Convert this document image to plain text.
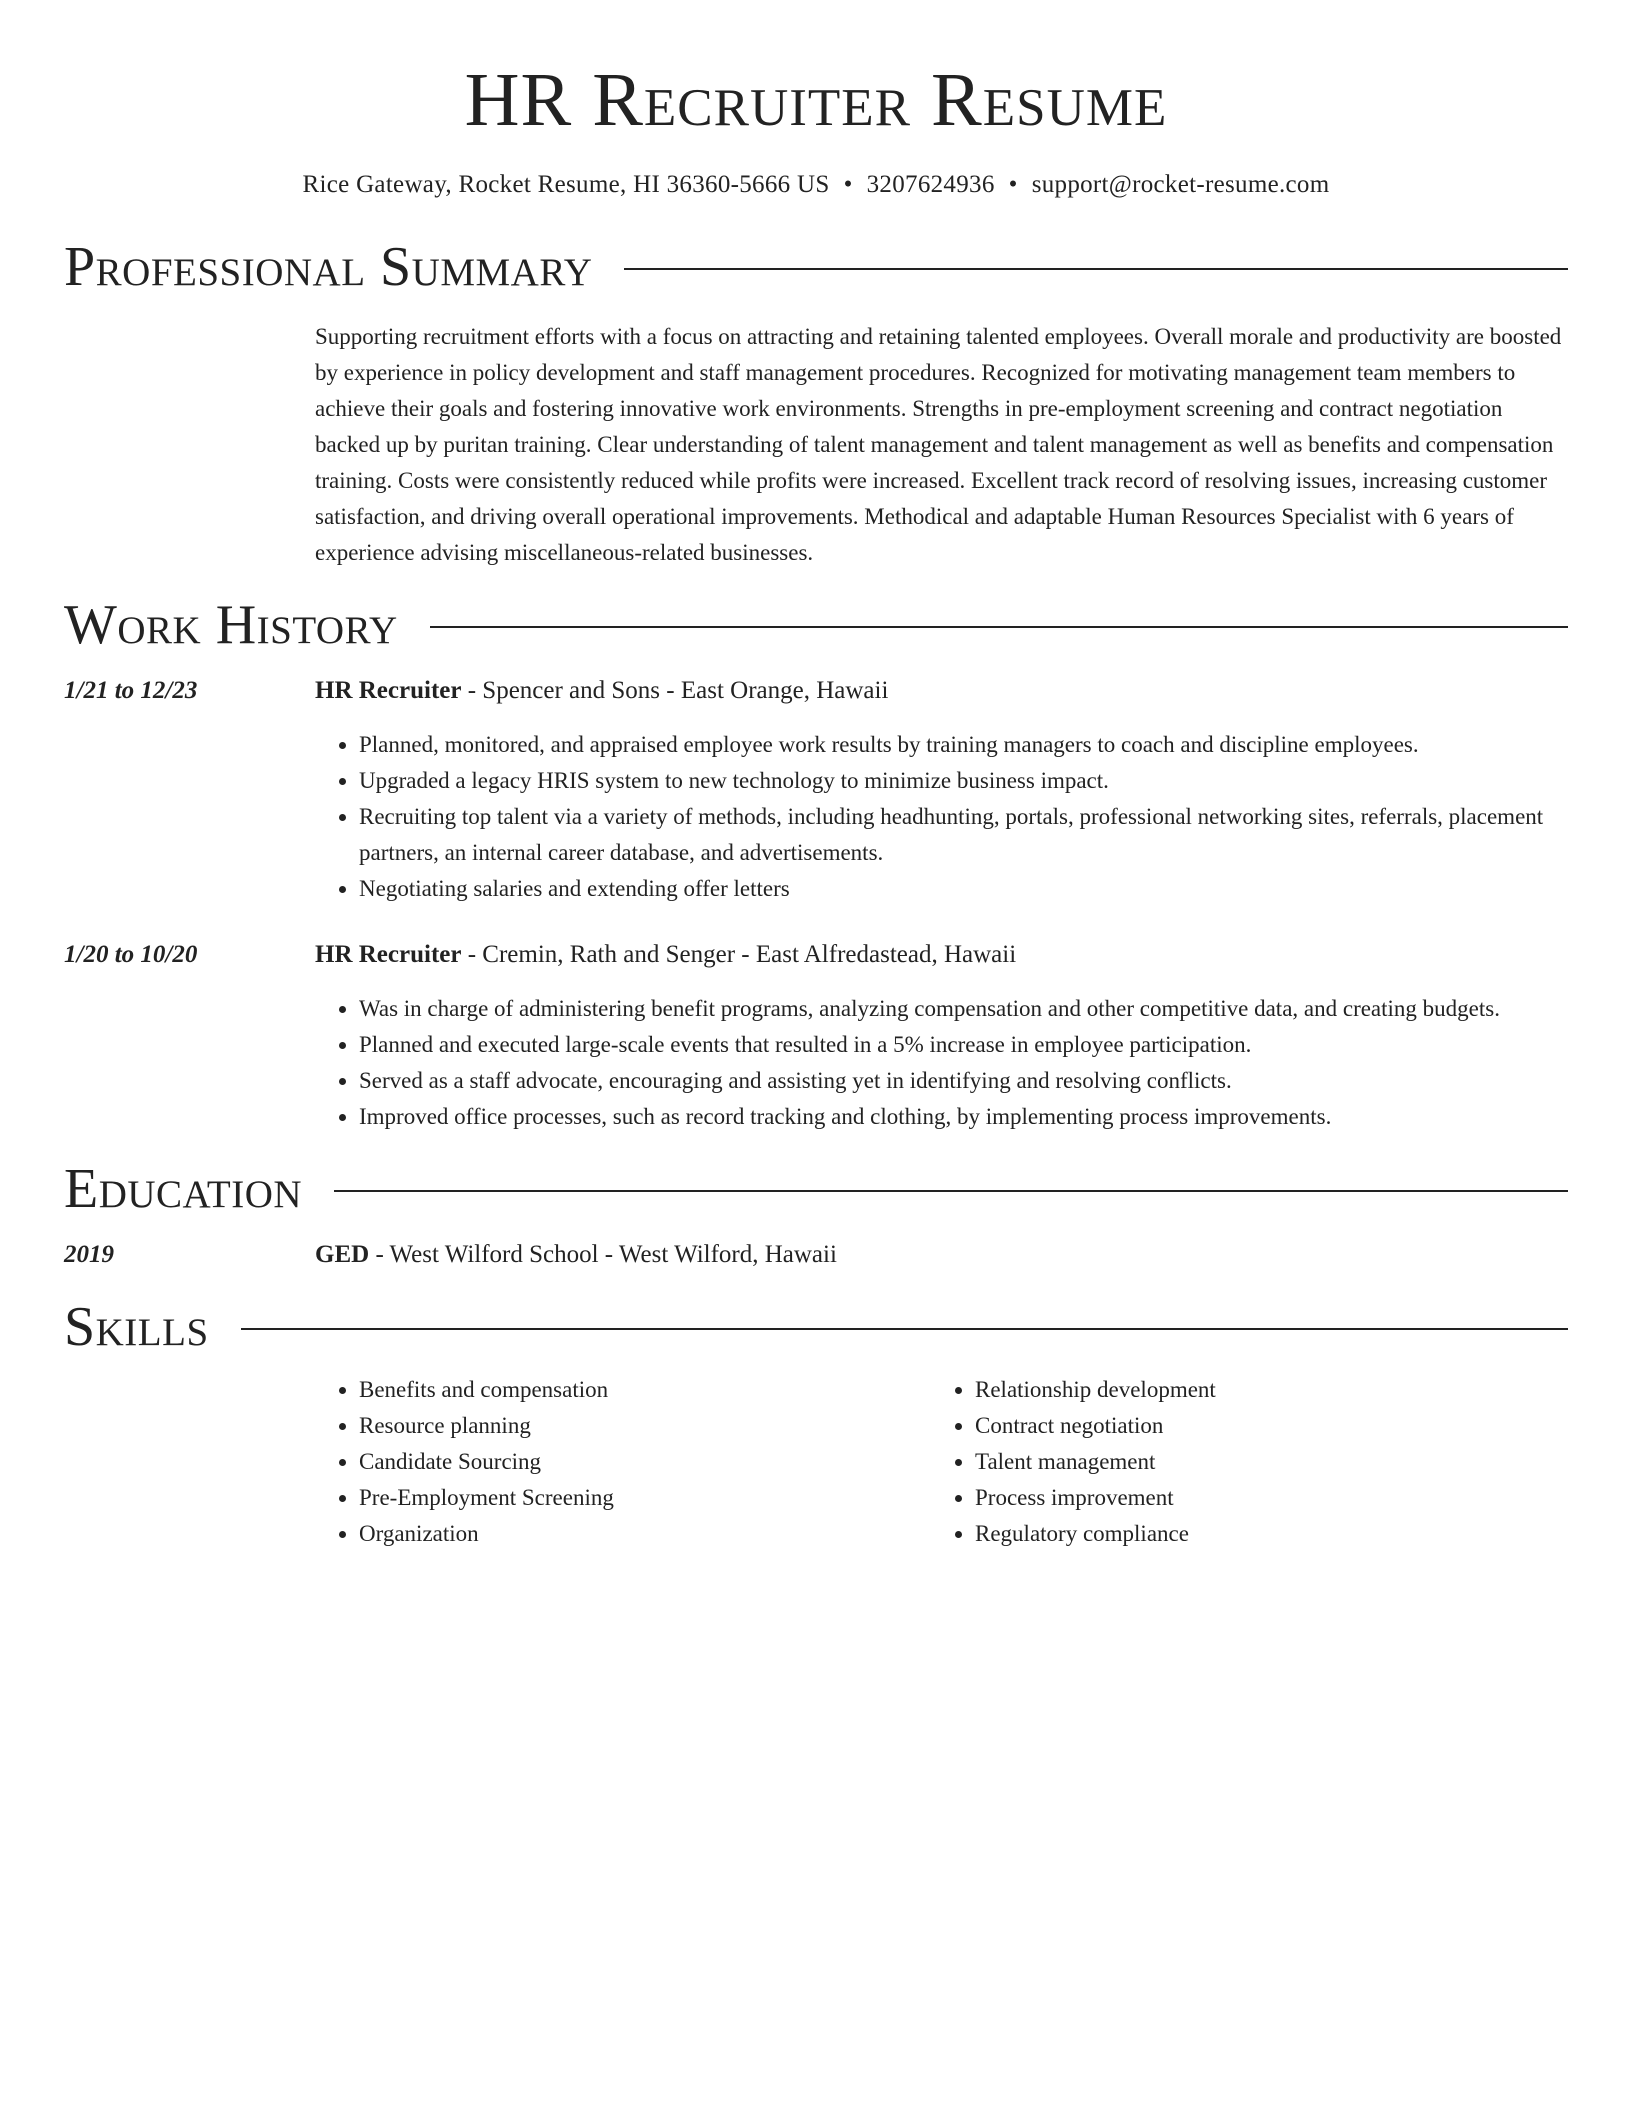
HR Recruiter Resume
Rice Gateway, Rocket Resume, HI 36360-5666 US • 3207624936 • support@rocket-resume.com
Professional Summary

Supporting recruitment efforts with a focus on attracting and retaining talented employees. Overall morale and productivity are boosted by experience in policy development and staff management procedures. Recognized for motivating management team members to achieve their goals and fostering innovative work environments. Strengths in pre-employment screening and contract negotiation backed up by puritan training. Clear understanding of talent management and talent management as well as benefits and compensation training. Costs were consistently reduced while profits were increased. Excellent track record of resolving issues, increasing customer satisfaction, and driving overall operational improvements. Methodical and adaptable Human Resources Specialist with 6 years of experience advising miscellaneous-related businesses.

Work History
1/21 to 12/23	HR Recruiter - Spencer and Sons - East Orange, Hawaii
• Planned, monitored, and appraised employee work results by training managers to coach and discipline employees.
• Upgraded a legacy HRIS system to new technology to minimize business impact.
• Recruiting top talent via a variety of methods, including headhunting, portals, professional networking sites, referrals, placement partners, an internal career database, and advertisements.
• Negotiating salaries and extending offer letters
1/20 to 10/20	HR Recruiter - Cremin, Rath and Senger - East Alfredastead, Hawaii
• Was in charge of administering benefit programs, analyzing compensation and other competitive data, and creating budgets.
• Planned and executed large-scale events that resulted in a 5% increase in employee participation.
• Served as a staff advocate, encouraging and assisting yet in identifying and resolving conflicts.
• Improved office processes, such as record tracking and clothing, by implementing process improvements.
Education
2019	GED - West Wilford School - West Wilford, Hawaii
Skills
• Benefits and compensation
• Resource planning
• Candidate Sourcing
• Pre-Employment Screening
• Organization
• Relationship development
• Contract negotiation
• Talent management
• Process improvement
• Regulatory compliance
